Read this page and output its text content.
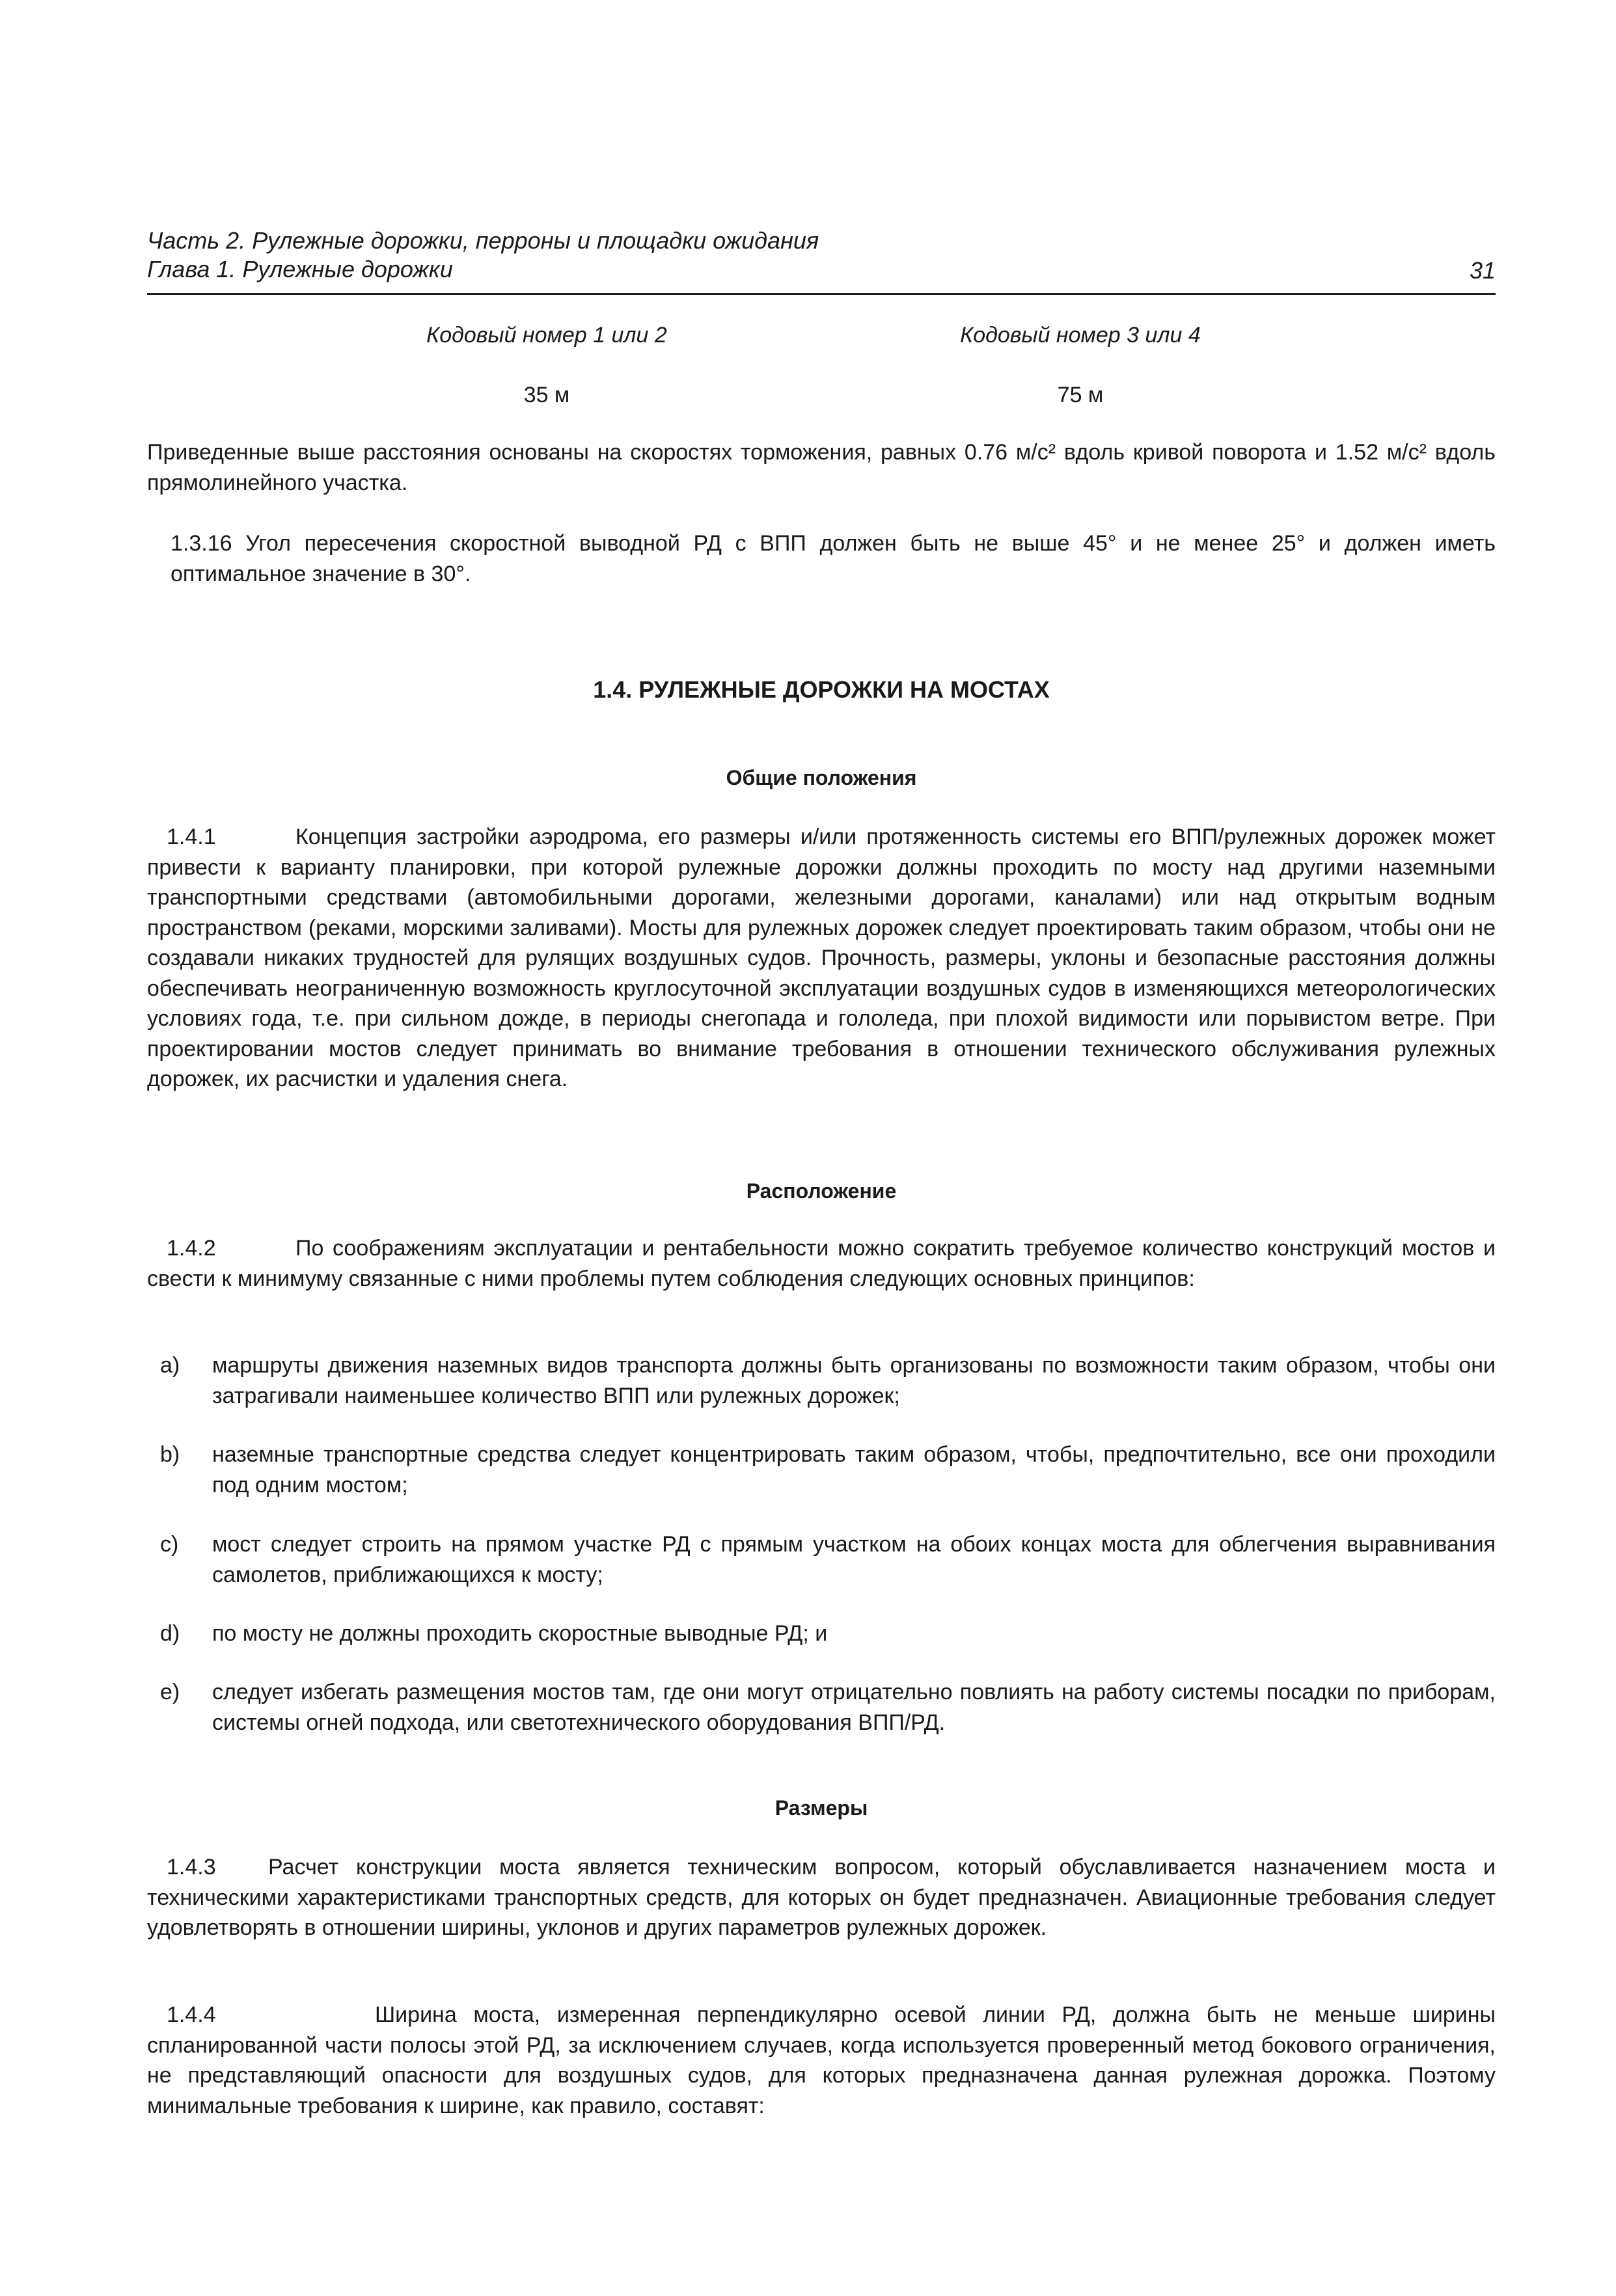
Часть 2. Рулежные дорожки, перроны и площадки ожидания
Глава 1. Рулежные дорожки	31
Кодовый номер 1 или 2	Кодовый номер 3 или 4
35 м	75 м
Приведенные выше расстояния основаны на скоростях торможения, равных 0.76 м/с² вдоль кривой поворота и 1.52 м/с² вдоль прямолинейного участка.
1.3.16 Угол пересечения скоростной выводной РД с ВПП должен быть не выше 45° и не менее 25° и должен иметь оптимальное значение в 30°.
1.4. РУЛЕЖНЫЕ ДОРОЖКИ НА МОСТАХ
Общие положения
1.4.1	Концепция застройки аэродрома, его размеры и/или протяженность системы его ВПП/рулежных дорожек может привести к варианту планировки, при которой рулежные дорожки должны проходить по мосту над другими наземными транспортными средствами (автомобильными дорогами, железными дорогами, каналами) или над открытым водным пространством (реками, морскими заливами). Мосты для рулежных дорожек следует проектировать таким образом, чтобы они не создавали никаких трудностей для рулящих воздушных судов. Прочность, размеры, уклоны и безопасные расстояния должны обеспечивать неограниченную возможность круглосуточной эксплуатации воздушных судов в изменяющихся метеорологических условиях года, т.е. при сильном дожде, в периоды снегопада и гололеда, при плохой видимости или порывистом ветре. При проектировании мостов следует принимать во внимание требования в отношении технического обслуживания рулежных дорожек, их расчистки и удаления снега.
Расположение
1.4.2	По соображениям эксплуатации и рентабельности можно сократить требуемое количество конструкций мостов и свести к минимуму связанные с ними проблемы путем соблюдения следующих основных принципов:
a) маршруты движения наземных видов транспорта должны быть организованы по возможности таким образом, чтобы они затрагивали наименьшее количество ВПП или рулежных дорожек;
b) наземные транспортные средства следует концентрировать таким образом, чтобы, предпочтительно, все они проходили под одним мостом;
c) мост следует строить на прямом участке РД с прямым участком на обоих концах моста для облегчения выравнивания самолетов, приближающихся к мосту;
d) по мосту не должны проходить скоростные выводные РД; и
e) следует избегать размещения мостов там, где они могут отрицательно повлиять на работу системы посадки по приборам, системы огней подхода, или светотехнического оборудования ВПП/РД.
Размеры
1.4.3 Расчет конструкции моста является техническим вопросом, который обуславливается назначением моста и техническими характеристиками транспортных средств, для которых он будет предназначен. Авиационные требования следует удовлетворять в отношении ширины, уклонов и других параметров рулежных дорожек.
1.4.4	Ширина моста, измеренная перпендикулярно осевой линии РД, должна быть не меньше ширины спланированной части полосы этой РД, за исключением случаев, когда используется проверенный метод бокового ограничения, не представляющий опасности для воздушных судов, для которых предназначена данная рулежная дорожка. Поэтому минимальные требования к ширине, как правило, составят:
